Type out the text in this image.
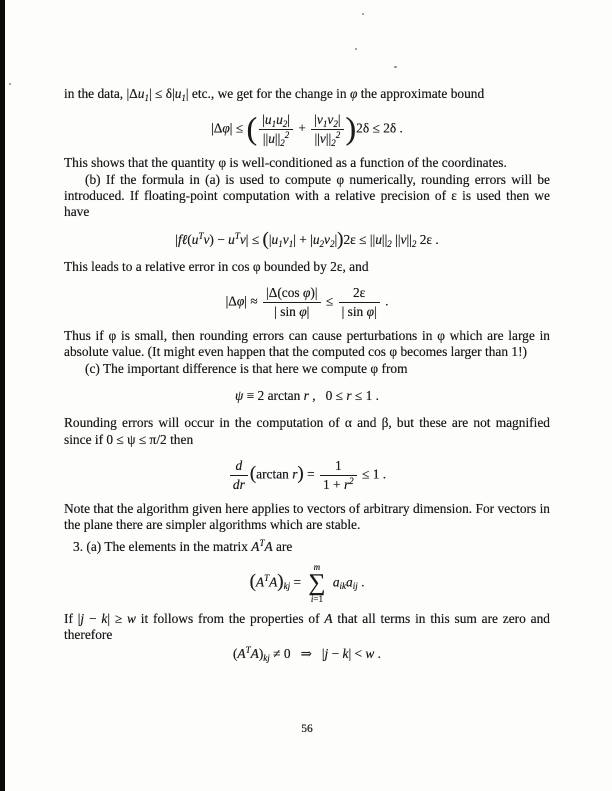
in the data, $|\Delta u_1| \le \delta|u_1|$ etc., we get for the change in φ the approximate bound

|Δφ| ≤ ( $\frac{|u_1u_2|}{||u||_2^2} + \frac{|v_1v_2|}{||v||_2^2} )2\delta \le 2\delta$ .

This shows that the quantity φ is well-conditioned as a function of the coordinates.

(b) If the formula in (a) is used to compute φ numerically, rounding errors will be introduced. If floating-point computation with a relative precision of ε is used then we have

$|f\ell(u^Tv) - u^Tv| \le (|u_1v_1| + |u_2v_2|)2\varepsilon \le ||u||_2$ $||v||_2$ 2ε .

This leads to a relative error in cos φ bounded by 2ε, and

$|\Delta\varphi| \approx \frac{\text{|Δ(cos φ)|}}{\text{| sin φ|}} \le \frac{2\varepsilon}{\text{| sin φ|}}$ .

Thus if φ is small, then rounding errors can cause perturbations in φ which are large in absolute value. (It might even happen that the computed cos φ becomes larger than 1!)

(c) The important difference is that here we compute φ from

ψ ≡ 2 arctan r ,   0 ≤ r ≤ 1 .

Rounding errors will occur in the computation of α and β, but these are not magnified since if 0 ≤ ψ ≤ π/2 then

$\frac{d}{dr} (\arctan$ $r) = \frac{1}{1 + r^2} \le 1$ .

Note that the algorithm given here applies to vectors of arbitrary dimension. For vectors in the plane there are simpler algorithms which are stable.

3. (a) The elements in the matrix $A^TA$ are

$(A^TA)_{kj}$ =
m
∑
i=1
$a_{ik}a_{ij}$ .

If |j − k| ≥ w it follows from the properties of A that all terms in this sum are zero and therefore

$(A^TA)_{kj} \ne 0$   ⇒   |j − k| < w .
56
